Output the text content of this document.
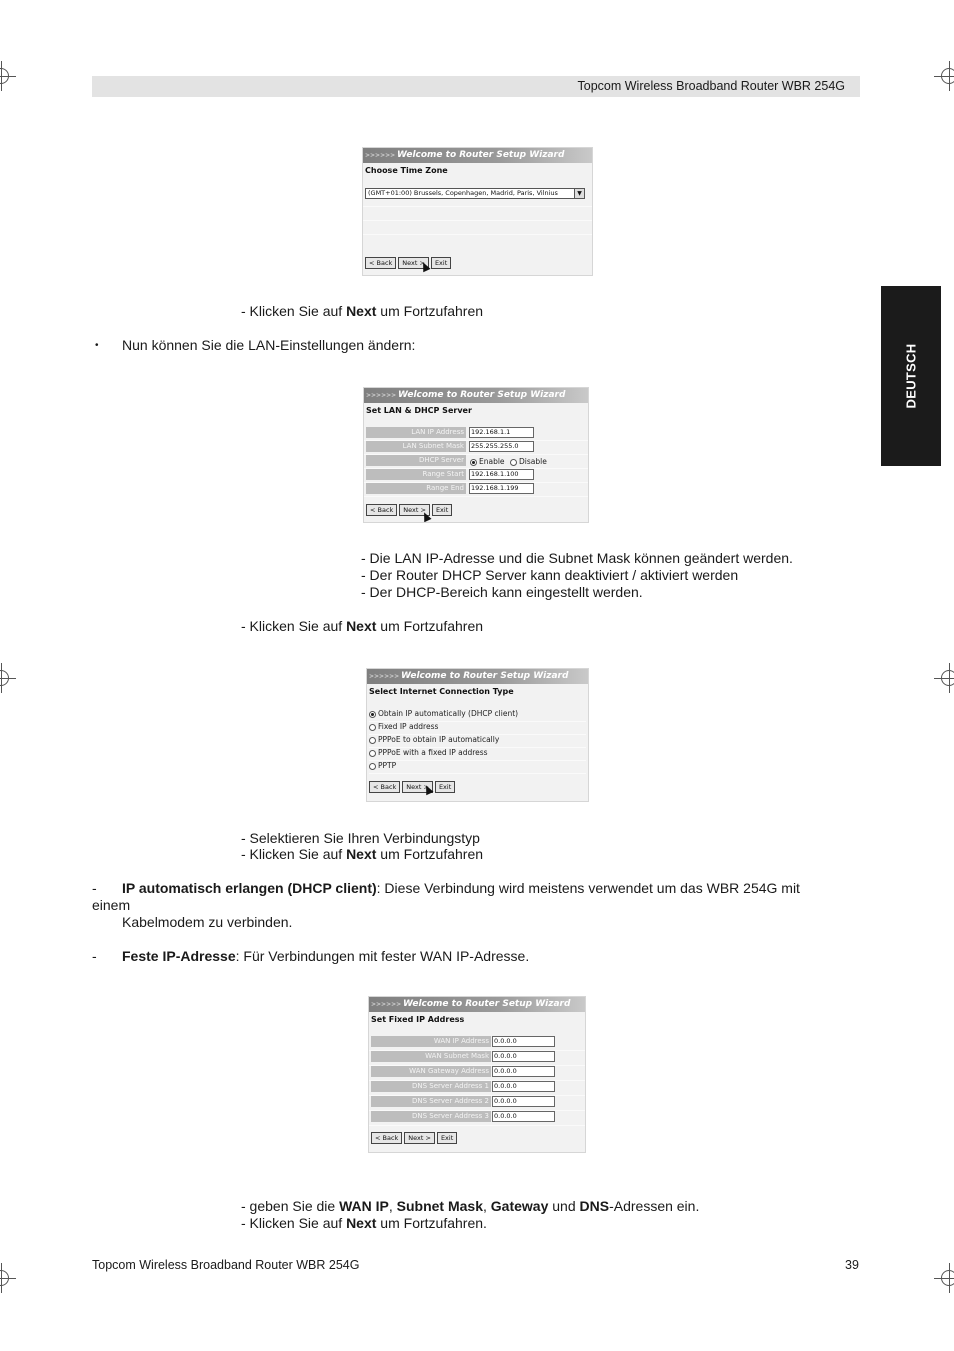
Topcom Wireless Broadband Router WBR 254G
DEUTSCH
>>>>>> Welcome to Router Setup Wizard
Choose Time Zone
(GMT+01:00) Brussels, Copenhagen, Madrid, Paris, Vilnius	▼
< Back	Next >	Exit
- Klicken Sie auf Next um Fortzufahren
• Nun können Sie die LAN-Einstellungen ändern:
>>>>>> Welcome to Router Setup Wizard
Set LAN & DHCP Server
LAN IP Address	192.168.1.1
LAN Subnet Mask	255.255.255.0
DHCP Server	Enable	Disable
Range Start	192.168.1.100
Range End	192.168.1.199
< Back	Next >	Exit
- Die LAN IP-Adresse und die Subnet Mask können geändert werden.
- Der Router DHCP Server kann deaktiviert / aktiviert werden
- Der DHCP-Bereich kann eingestellt werden.
- Klicken Sie auf Next um Fortzufahren
>>>>>> Welcome to Router Setup Wizard
Select Internet Connection Type
Obtain IP automatically (DHCP client)
Fixed IP address
PPPoE to obtain IP automatically
PPPoE with a fixed IP address
PPTP
< Back	Next >	Exit
- Selektieren Sie Ihren Verbindungstyp
- Klicken Sie auf Next um Fortzufahren
- IP automatisch erlangen (DHCP client): Diese Verbindung wird meistens verwendet um das WBR 254G mit
einem
Kabelmodem zu verbinden.
- Feste IP-Adresse: Für Verbindungen mit fester WAN IP-Adresse.
>>>>>> Welcome to Router Setup Wizard
Set Fixed IP Address
WAN IP Address 0.0.0.0
WAN Subnet Mask 0.0.0.0
WAN Gateway Address 0.0.0.0
DNS Server Address 1 0.0.0.0
DNS Server Address 2 0.0.0.0
DNS Server Address 3 0.0.0.0
< Back	Next >	Exit
- geben Sie die WAN IP, Subnet Mask, Gateway und DNS-Adressen ein.
- Klicken Sie auf Next um Fortzufahren.
Topcom Wireless Broadband Router WBR 254G	39
